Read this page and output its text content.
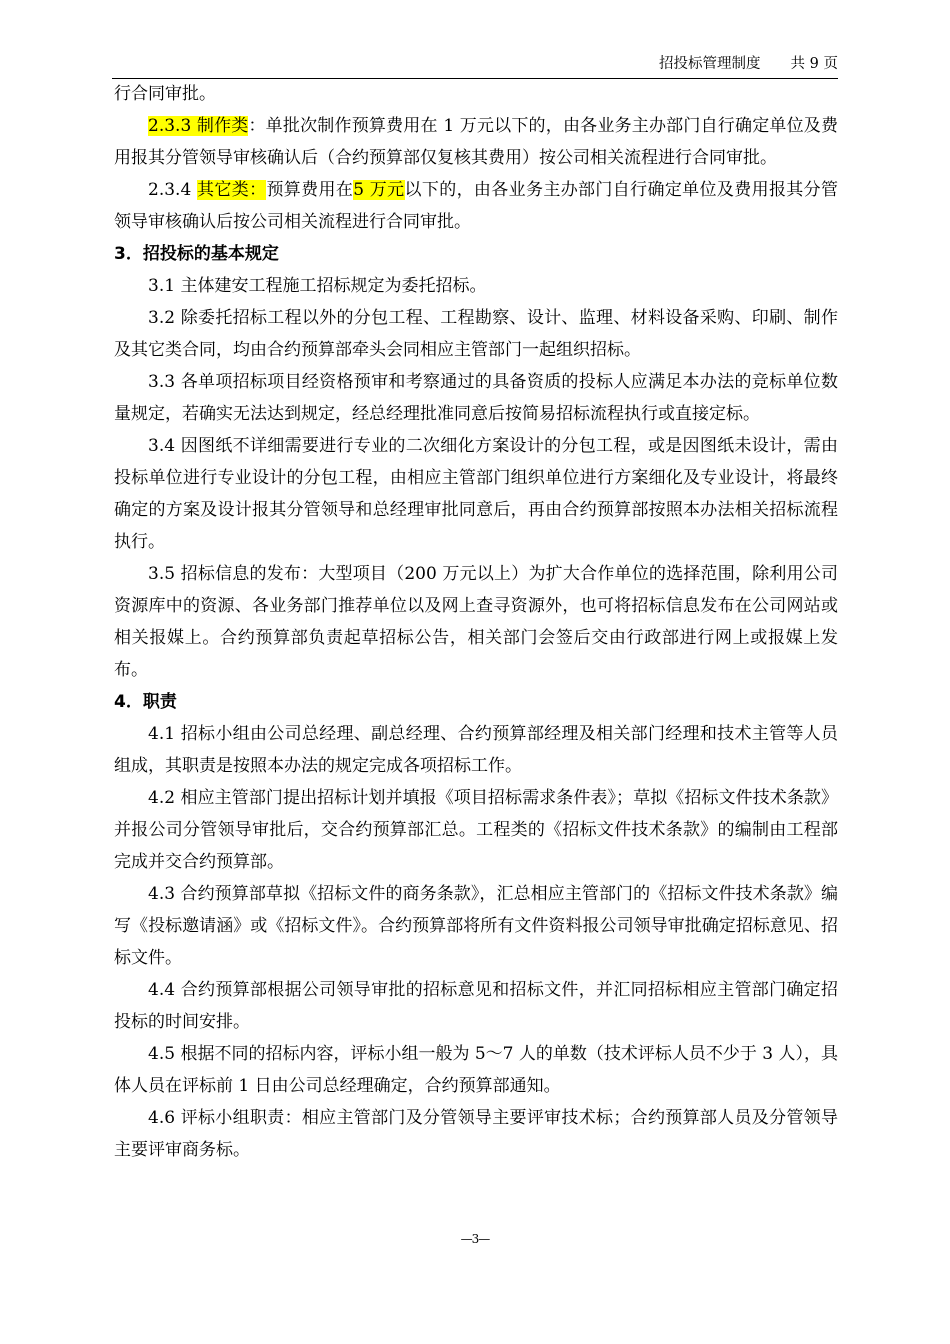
招投标管理制度 共 9 页

行合同审批。

2.3.3 制作类：单批次制作预算费用在 1 万元以下的，由各业务主办部门自行确定单位及费用报其分管领导审核确认后（合约预算部仅复核其费用）按公司相关流程进行合同审批。

2.3.4 其它类：预算费用在5 万元以下的，由各业务主办部门自行确定单位及费用报其分管领导审核确认后按公司相关流程进行合同审批。

3．招投标的基本规定

3.1 主体建安工程施工招标规定为委托招标。

3.2 除委托招标工程以外的分包工程、工程勘察、设计、监理、材料设备采购、印刷、制作及其它类合同，均由合约预算部牵头会同相应主管部门一起组织招标。

3.3 各单项招标项目经资格预审和考察通过的具备资质的投标人应满足本办法的竞标单位数量规定，若确实无法达到规定，经总经理批准同意后按简易招标流程执行或直接定标。

3.4 因图纸不详细需要进行专业的二次细化方案设计的分包工程，或是因图纸未设计，需由投标单位进行专业设计的分包工程，由相应主管部门组织单位进行方案细化及专业设计，将最终确定的方案及设计报其分管领导和总经理审批同意后，再由合约预算部按照本办法相关招标流程执行。

3.5 招标信息的发布：大型项目（200 万元以上）为扩大合作单位的选择范围，除利用公司资源库中的资源、各业务部门推荐单位以及网上查寻资源外，也可将招标信息发布在公司网站或相关报媒上。合约预算部负责起草招标公告，相关部门会签后交由行政部进行网上或报媒上发布。

4．职责

4.1 招标小组由公司总经理、副总经理、合约预算部经理及相关部门经理和技术主管等人员组成，其职责是按照本办法的规定完成各项招标工作。

4.2 相应主管部门提出招标计划并填报《项目招标需求条件表》；草拟《招标文件技术条款》并报公司分管领导审批后，交合约预算部汇总。工程类的《招标文件技术条款》的编制由工程部完成并交合约预算部。

4.3 合约预算部草拟《招标文件的商务条款》，汇总相应主管部门的《招标文件技术条款》编写《投标邀请涵》或《招标文件》。合约预算部将所有文件资料报公司领导审批确定招标意见、招标文件。

4.4 合约预算部根据公司领导审批的招标意见和招标文件，并汇同招标相应主管部门确定招投标的时间安排。

4.5 根据不同的招标内容，评标小组一般为 5～7 人的单数（技术评标人员不少于 3 人），具体人员在评标前 1 日由公司总经理确定，合约预算部通知。

4.6 评标小组职责：相应主管部门及分管领导主要评审技术标；合约预算部人员及分管领导主要评审商务标。

—3—
